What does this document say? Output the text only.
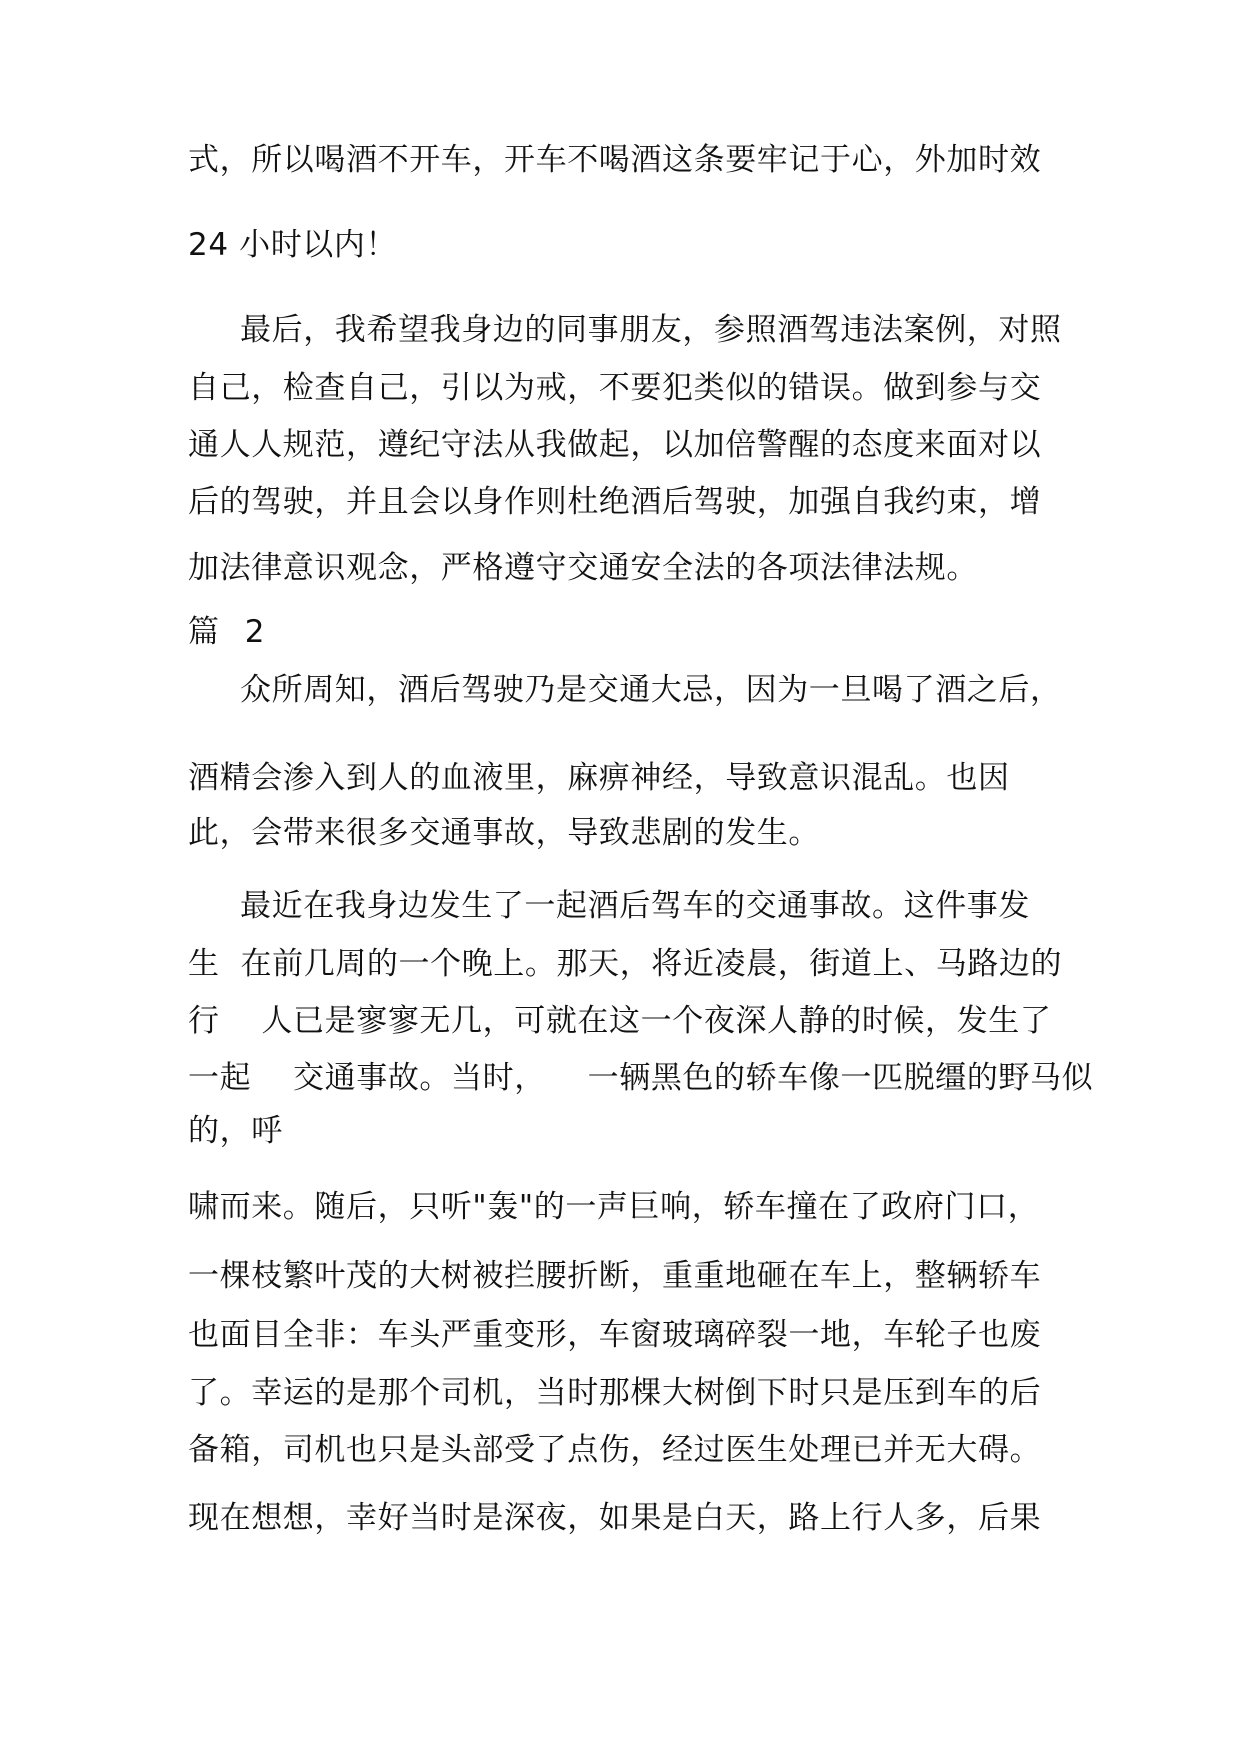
式，所以喝酒不开车，开车不喝酒这条要牢记于心，外加时效
24 小时以内！
最后，我希望我身边的同事朋友，参照酒驾违法案例，对照
自己，检查自己，引以为戒，不要犯类似的错误。做到参与交
通人人规范，遵纪守法从我做起，以加倍警醒的态度来面对以
后的驾驶，并且会以身作则杜绝酒后驾驶，加强自我约束，增
加法律意识观念，严格遵守交通安全法的各项法律法规。
篇  2
众所周知，酒后驾驶乃是交通大忌，因为一旦喝了酒之后，
酒精会渗入到人的血液里，麻痹神经，导致意识混乱。也因
此，会带来很多交通事故，导致悲剧的发生。
最近在我身边发生了一起酒后驾车的交通事故。这件事发
生  在前几周的一个晚上。那天，将近凌晨，街道上、马路边的
行    人已是寥寥无几，可就在这一个夜深人静的时候，发生了
一起    交通事故。当时，    一辆黑色的轿车像一匹脱缰的野马似
的，呼
啸而来。随后，只听"轰"的一声巨响，轿车撞在了政府门口，
一棵枝繁叶茂的大树被拦腰折断，重重地砸在车上，整辆轿车
也面目全非：车头严重变形，车窗玻璃碎裂一地，车轮子也废
了。幸运的是那个司机，当时那棵大树倒下时只是压到车的后
备箱，司机也只是头部受了点伤，经过医生处理已并无大碍。
现在想想，幸好当时是深夜，如果是白天，路上行人多，后果
